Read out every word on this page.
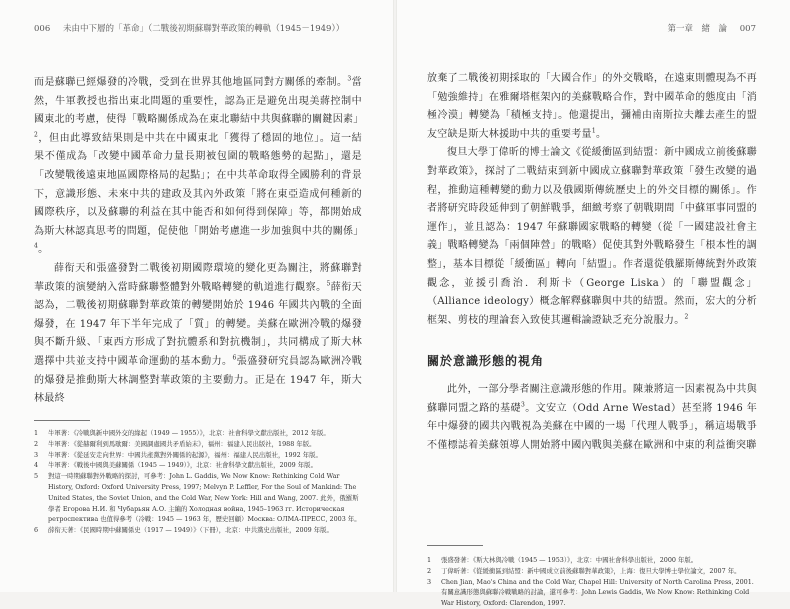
006 未由中下層的「革命」（二戰後初期蘇聯對華政策的轉軌（1945－1949））

而是蘇聯已經爆發的冷戰，受到在世界其他地區同對方關係的牽制。$^3$當然，牛軍教授也指出東北問題的重要性，認為正是避免出現美蔣控制中國東北的考慮，使得「戰略關係成為在東北聯結中共與蘇聯的關鍵因素」$^2$，但由此導致結果則是中共在中國東北「獲得了穩固的地位」。這一結果不僅成為「改變中國革命力量長期被包圍的戰略態勢的起點」，還是「改變戰後遠東地區國際格局的起點」；在中共革命取得全國勝利的背景下，意識形態、未來中共的建政及其內外政策「將在東亞造成何種新的國際秩序，以及蘇聯的利益在其中能否和如何得到保障」等，都開始成為斯大林認真思考的問題，促使他「開始考慮進一步加強與中共的關係」$^4$。

薛衔天和張盛發對二戰後初期國際環境的變化更為關注，將蘇聯對華政策的演變納入當時蘇聯整體對外戰略轉變的軌道進行觀察。$^5$薛衔天認為，二戰後初期蘇聯對華政策的轉變開始於 1946 年國共內戰的全面爆發，在 1947 年下半年完成了「質」的轉變。美蘇在歐洲冷戰的爆發與不斷升級、「東西方形成了對抗體系和對抗機制」，共同構成了斯大林選擇中共並支持中國革命運動的基本動力。$^6$張盛發研究員認為歐洲冷戰的爆發是推動斯大林調整對華政策的主要動力。正是在 1947 年，斯大林最終

1	牛軍著：《冷戰與新中國外交的緣起（1949 — 1955）》，北京：社會科學文獻出版社，2012 年版。
2	牛軍著：《從赫爾利到馬歇爾：美國調處國共矛盾始末》，福州：福建人民出版社，1988 年版。
3	牛軍著：《從延安走向世界：中國共產黨對外關係的起源》，福州：福建人民出版社，1992 年版。
4	牛軍著：《戰後中國與美蘇關係（1945 — 1949）》，北京：社會科學文獻出版社，2009 年版。
5	對這一時期蘇聯對外戰略的探討，可參考：John L. Gaddis, We Now Know: Rethinking Cold War History, Oxford: Oxford University Press, 1997; Melvyn P. Leffler, For the Soul of Mankind: The United States, the Soviet Union, and the Cold War, New York: Hill and Wang, 2007. 此外，俄羅斯學者 Егорова Н.И. 和 Чубарьян А.О. 主編的 Холодная война, 1945–1963 гг. Историческая ретроспектива 也值得參考（冷戰：1945 — 1963 年，歷史回顧）Москва: ОЛМА-ПРЕСС, 2003 年。
6	薛衔天著：《民國時期中蘇關係史（1917 — 1949）》（下冊），北京：中共黨史出版社，2009 年版。
第一章　緒　論 007

放棄了二戰後初期採取的「大國合作」的外交戰略，在遠東則體現為不再「勉強維持」在雅爾塔框架內的美蘇戰略合作，對中國革命的態度由「消極冷漠」轉變為「積極支持」。他還提出，彌補由南斯拉夫離去產生的盟友空缺是斯大林援助中共的重要考量$^1$。

復旦大學丁偉昕的博士論文《從緩衝區到結盟：新中國成立前後蘇聯對華政策》，探討了二戰結束到新中國成立蘇聯對華政策「發生改變的過程，推動這種轉變的動力以及俄國斯傳統歷史上的外交目標的關係」。作者將研究時段延伸到了朝鮮戰爭，細緻考察了朝戰期間「中蘇軍事同盟的運作」，並且認為：1947 年蘇聯國家戰略的轉變（從「一國建設社會主義」戰略轉變為「兩個陣營」的戰略）促使其對外戰略發生「根本性的調整」，基本目標從「緩衝區」轉向「結盟」。作者還從俄羅斯傳統對外政策觀念，並援引喬治．利斯卡（George Liska）的「聯盟觀念」（Alliance ideology）概念解釋蘇聯與中共的結盟。然而，宏大的分析框架、剪枝的理論套入致使其邏輯論證缺乏充分說服力。$^2$

關於意識形態的視角

此外，一部分學者關注意識形態的作用。陳兼將這一因素視為中共與蘇聯同盟之路的基礎$^3$。文安立（Odd Arne Westad）甚至將 1946 年年中爆發的國共內戰視為美蘇在中國的一場「代理人戰爭」，稱這場戰爭不僅標誌着美蘇領導人開始將中國內戰與美蘇在歐洲和中東的利益衝突聯

1	張盛發著：《斯大林與冷戰（1945 — 1953）》，北京：中國社會科學出版社，2000 年版。
2	丁偉昕著：《從緩衝區到結盟：新中國成立前後蘇聯對華政策》，上海：復旦大學博士學位論文，2007 年。
3	Chen Jian, Mao's China and the Cold War, Chapel Hill: University of North Carolina Press, 2001. 有關意識形態與蘇聯冷戰戰略的討論，還可參考：John Lewis Gaddis, We Now Know: Rethinking Cold War History, Oxford: Clarendon, 1997.
